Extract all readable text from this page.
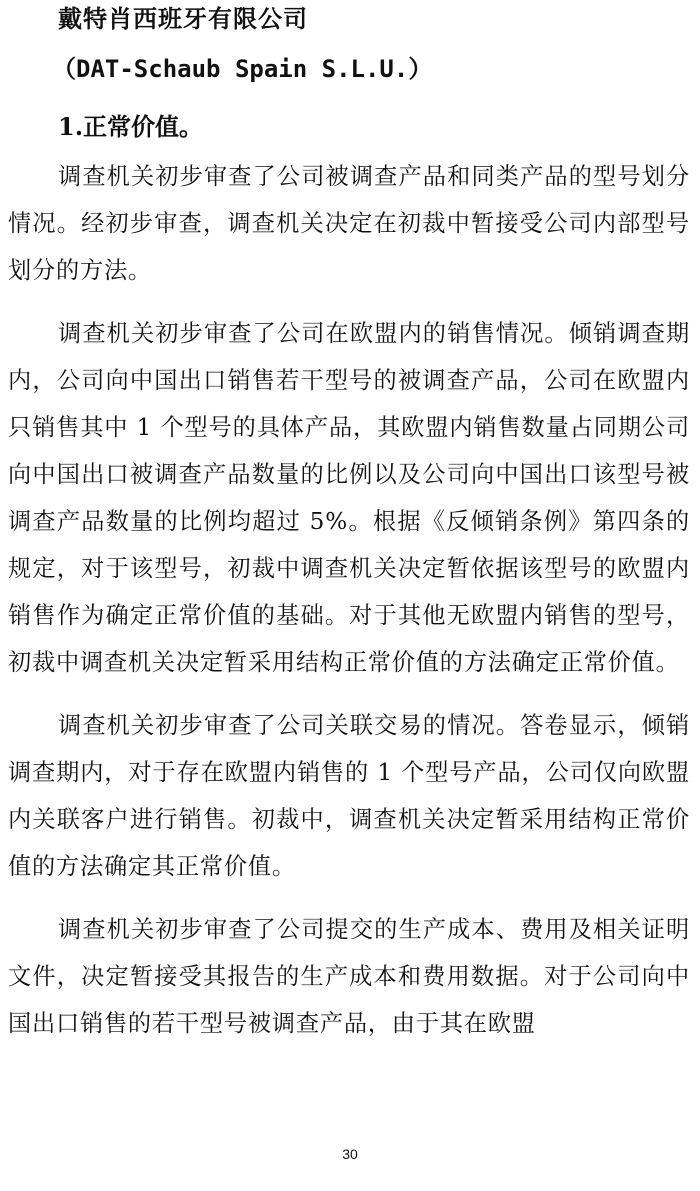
戴特肖西班牙有限公司
（DAT-Schaub Spain S.L.U.）
1.正常价值。

调查机关初步审查了公司被调查产品和同类产品的型号划分情况。经初步审查，调查机关决定在初裁中暂接受公司内部型号划分的方法。

调查机关初步审查了公司在欧盟内的销售情况。倾销调查期内，公司向中国出口销售若干型号的被调查产品，公司在欧盟内只销售其中 1 个型号的具体产品，其欧盟内销售数量占同期公司向中国出口被调查产品数量的比例以及公司向中国出口该型号被调查产品数量的比例均超过 5%。根据《反倾销条例》第四条的规定，对于该型号，初裁中调查机关决定暂依据该型号的欧盟内销售作为确定正常价值的基础。对于其他无欧盟内销售的型号，初裁中调查机关决定暂采用结构正常价值的方法确定正常价值。

调查机关初步审查了公司关联交易的情况。答卷显示，倾销调查期内，对于存在欧盟内销售的 1 个型号产品，公司仅向欧盟内关联客户进行销售。初裁中，调查机关决定暂采用结构正常价值的方法确定其正常价值。

调查机关初步审查了公司提交的生产成本、费用及相关证明文件，决定暂接受其报告的生产成本和费用数据。对于公司向中国出口销售的若干型号被调查产品，由于其在欧盟

30
